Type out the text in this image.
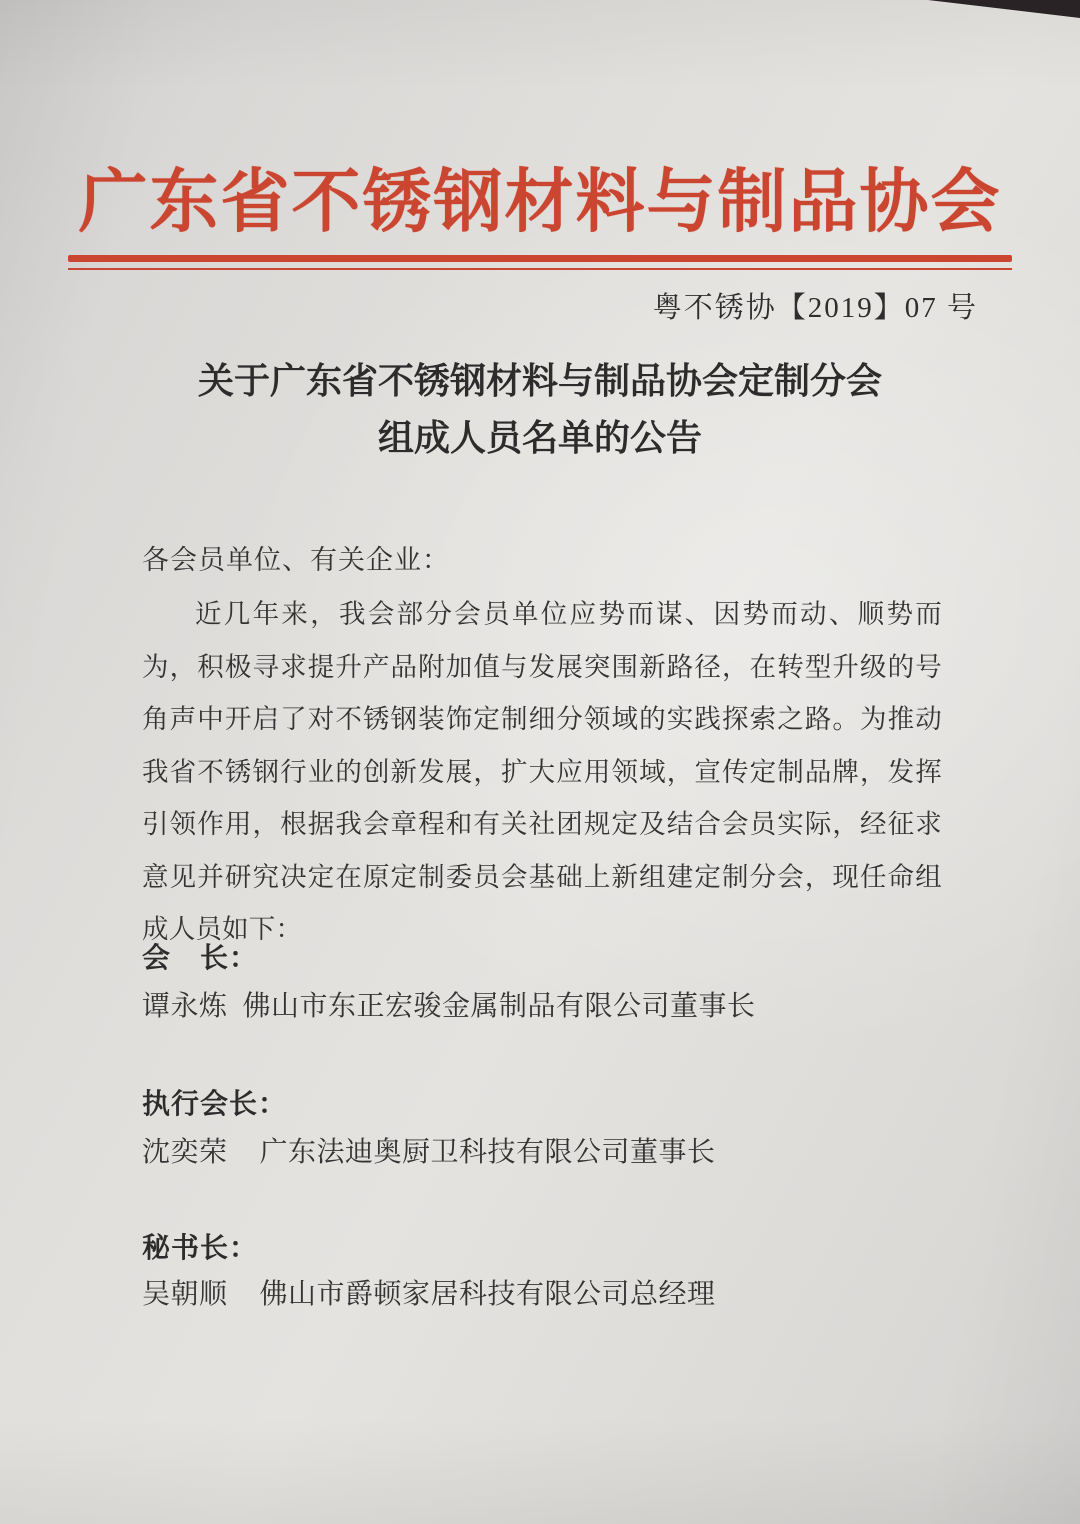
广东省不锈钢材料与制品协会
粤不锈协【2019】07 号
关于广东省不锈钢材料与制品协会定制分会
组成人员名单的公告
各会员单位、有关企业：
近几年来，我会部分会员单位应势而谋、因势而动、顺势而为，积极寻求提升产品附加值与发展突围新路径，在转型升级的号角声中开启了对不锈钢装饰定制细分领域的实践探索之路。为推动我省不锈钢行业的创新发展，扩大应用领域，宣传定制品牌，发挥引领作用，根据我会章程和有关社团规定及结合会员实际，经征求意见并研究决定在原定制委员会基础上新组建定制分会，现任命组成人员如下：
会　长：
谭永炼 佛山市东正宏骏金属制品有限公司董事长
执行会长：
沈奕荣 广东法迪奥厨卫科技有限公司董事长
秘书长：
吴朝顺 佛山市爵顿家居科技有限公司总经理
